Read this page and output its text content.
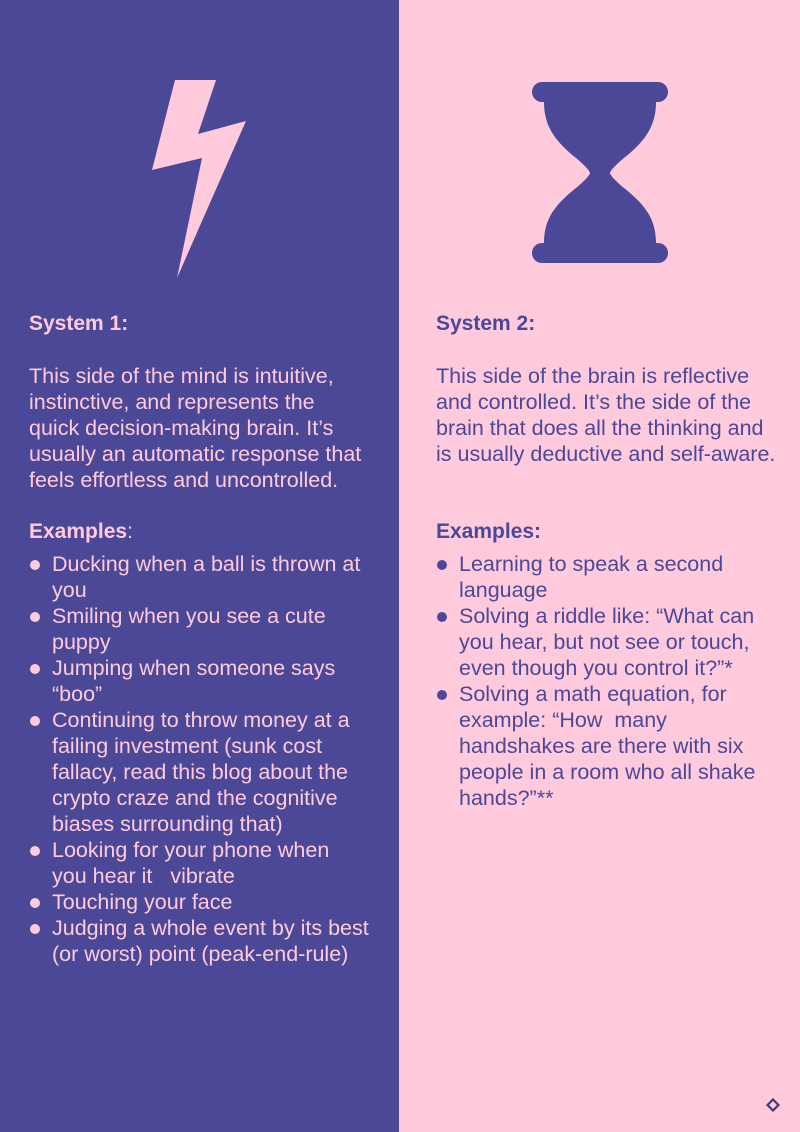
System 1:

This side of the mind is intuitive, instinctive, and represents the quick decision-making brain. It’s usually an automatic response that feels effortless and uncontrolled.

Examples:

Ducking when a ball is thrown at you
Smiling when you see a cute puppy
Jumping when someone says “boo”
Continuing to throw money at a failing investment (sunk cost fallacy, read this blog about the crypto craze and the cognitive biases surrounding that)
Looking for your phone when you hear it   vibrate
Touching your face
Judging a whole event by its best (or worst) point (peak-end-rule)

System 2:

This side of the brain is reflective and controlled. It’s the side of the brain that does all the thinking and is usually deductive and self-aware.

Examples:

Learning to speak a second language
Solving a riddle like: “What can you hear, but not see or touch, even though you control it?”*
Solving a math equation, for example: “How  many handshakes are there with six people in a room who all shake hands?”**
